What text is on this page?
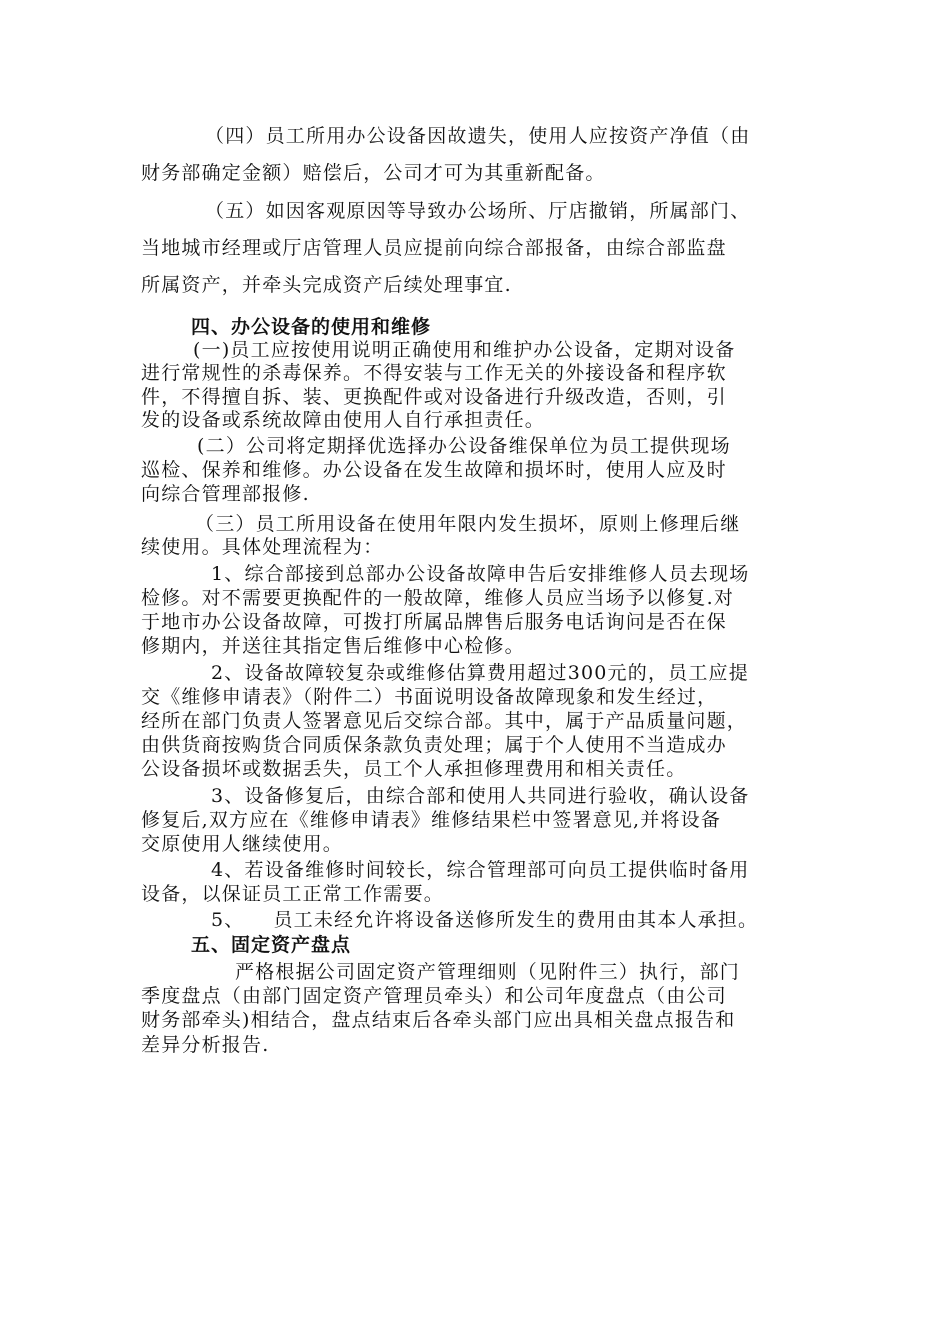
（四）员工所用办公设备因故遗失，使用人应按资产净值（由
财务部确定金额）赔偿后，公司才可为其重新配备。
（五）如因客观原因等导致办公场所、厅店撤销，所属部门、
当地城市经理或厅店管理人员应提前向综合部报备，由综合部监盘
所属资产，并牵头完成资产后续处理事宜.
四、办公设备的使用和维修
(一)员工应按使用说明正确使用和维护办公设备，定期对设备
进行常规性的杀毒保养。不得安装与工作无关的外接设备和程序软
件，不得擅自拆、装、更换配件或对设备进行升级改造，否则，引
发的设备或系统故障由使用人自行承担责任。
(二）公司将定期择优选择办公设备维保单位为员工提供现场
巡检、保养和维修。办公设备在发生故障和损坏时，使用人应及时
向综合管理部报修.
（三）员工所用设备在使用年限内发生损坏，原则上修理后继
续使用。具体处理流程为：
1、综合部接到总部办公设备故障申告后安排维修人员去现场
检修。对不需要更换配件的一般故障，维修人员应当场予以修复.对
于地市办公设备故障，可拨打所属品牌售后服务电话询问是否在保
修期内，并送往其指定售后维修中心检修。
2、设备故障较复杂或维修估算费用超过300元的，员工应提
交《维修申请表》（附件二）书面说明设备故障现象和发生经过，
经所在部门负责人签署意见后交综合部。其中，属于产品质量问题，
由供货商按购货合同质保条款负责处理；属于个人使用不当造成办
公设备损坏或数据丢失，员工个人承担修理费用和相关责任。
3、设备修复后，由综合部和使用人共同进行验收，确认设备
修复后,双方应在《维修申请表》维修结果栏中签署意见,并将设备
交原使用人继续使用。
4、若设备维修时间较长，综合管理部可向员工提供临时备用
设备，以保证员工正常工作需要。
5、    员工未经允许将设备送修所发生的费用由其本人承担。
五、固定资产盘点
严格根据公司固定资产管理细则（见附件三）执行，部门
季度盘点（由部门固定资产管理员牵头）和公司年度盘点（由公司
财务部牵头)相结合，盘点结束后各牵头部门应出具相关盘点报告和
差异分析报告.
